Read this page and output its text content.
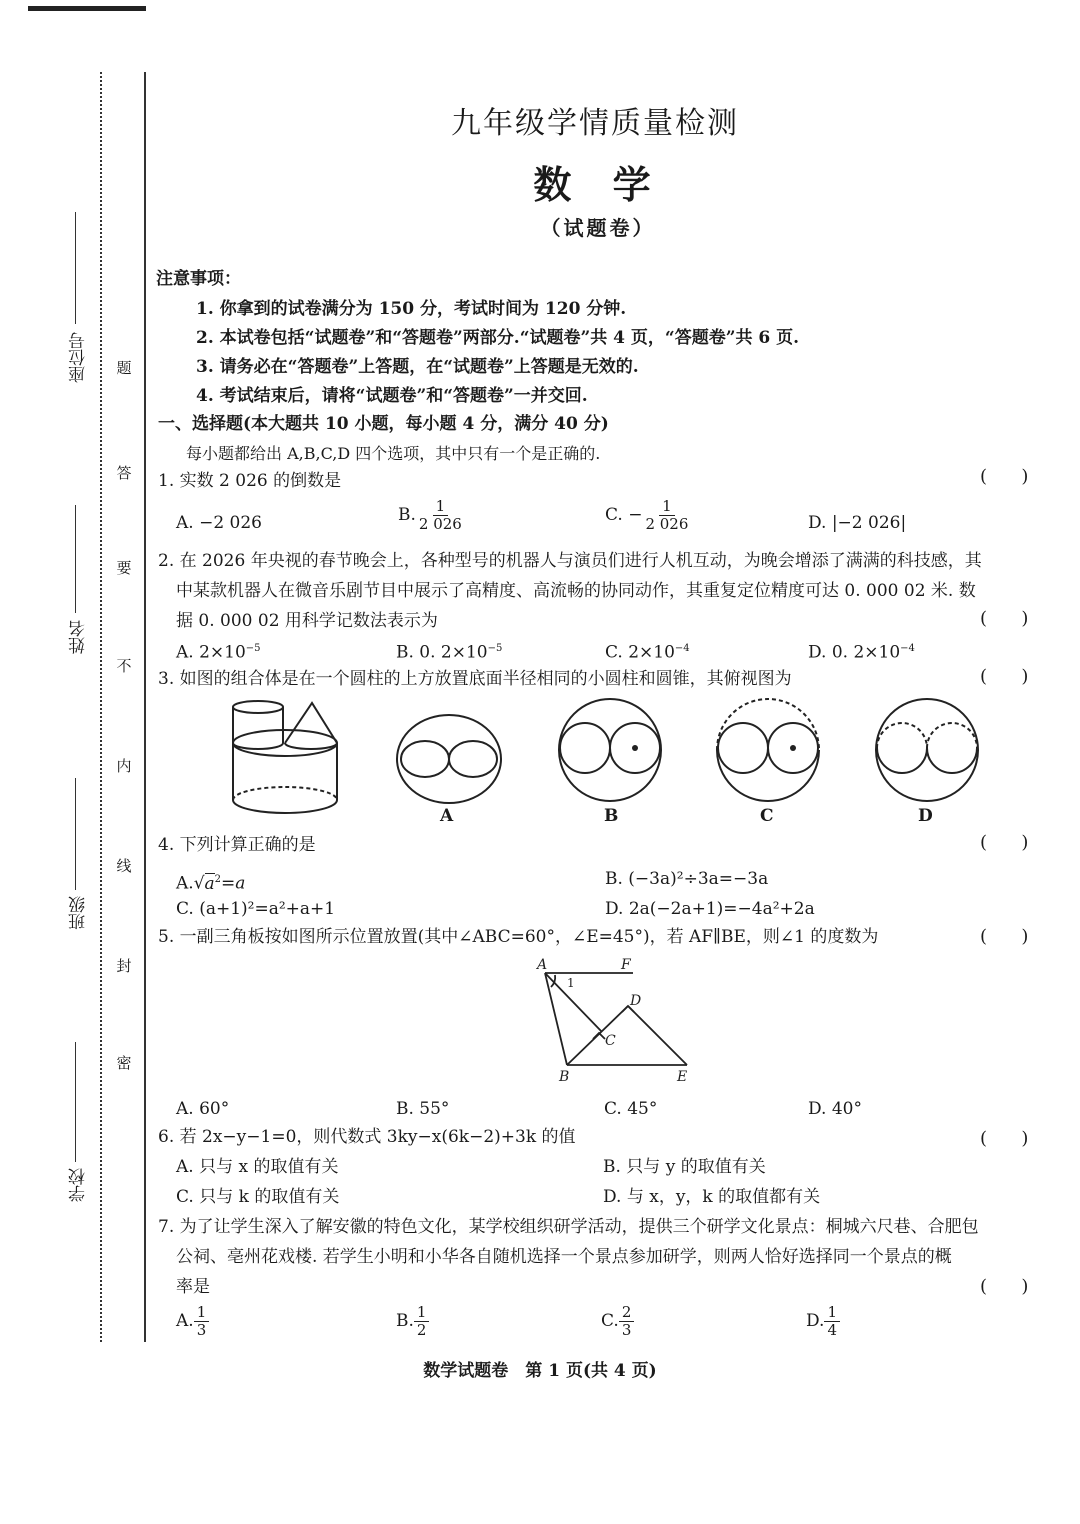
座位号
姓名
班级
学校
题
答
要
不
内
线
封
密
九年级学情质量检测
数 学
（试题卷）
注意事项：
1. 你拿到的试卷满分为 150 分，考试时间为 120 分钟.
2. 本试卷包括“试题卷”和“答题卷”两部分.“试题卷”共 4 页，“答题卷”共 6 页.
3. 请务必在“答题卷”上答题，在“试题卷”上答题是无效的.
4. 考试结束后，请将“试题卷”和“答题卷”一并交回.
一、选择题(本大题共 10 小题，每小题 4 分，满分 40 分)
每小题都给出 A,B,C,D 四个选项，其中只有一个是正确的.
1. 实数 2 026 的倒数是	(      )
A. −2 026	B. $\frac{1}{2 026}$	C. − $\frac{1}{2 026}$	D. |−2 026|
2. 在 2026 年央视的春节晚会上，各种型号的机器人与演员们进行人机互动，为晚会增添了满满的科技感，其
中某款机器人在微音乐剧节目中展示了高精度、高流畅的协同动作，其重复定位精度可达 0. 000 02 米. 数
据 0. 000 02 用科学记数法表示为	(      )
A. $2\times 10^{-5}$	B. 0. $2\times 10^{-5}$	C. $2\times 10^{-4}$	D. 0. $2\times 10^{-4}$
3. 如图的组合体是在一个圆柱的上方放置底面半径相同的小圆柱和圆锥，其俯视图为	(      )
A	B	C	D
4. 下列计算正确的是	(      )
$A.√a^2=a$	B. (−3a)²÷3a=−3a
C. (a+1)²=a²+a+1	D. 2a(−2a+1)=−4a²+2a
5. 一副三角板按如图所示位置放置(其中∠ABC=60°，∠E=45°)，若 AF∥BE，则∠1 的度数为	(      )
A	F
1
D
C
B	E
A. 60°	B. 55°	C. 45°	D. 40°
6. 若 2x−y−1=0，则代数式 3ky−x(6k−2)+3k 的值	(      )
A. 只与 x 的取值有关	B. 只与 y 的取值有关
C. 只与 k 的取值有关	D. 与 x，y，k 的取值都有关
7. 为了让学生深入了解安徽的特色文化，某学校组织研学活动，提供三个研学文化景点：桐城六尺巷、合肥包
公祠、亳州花戏楼. 若学生小明和小华各自随机选择一个景点参加研学，则两人恰好选择同一个景点的概
率是	(      )
A. $\frac{1}{3}$	B. $\frac{1}{2}$	C. $\frac{2}{3}$	D. $\frac{1}{4}$
数学试题卷　第 1 页(共 4 页)
